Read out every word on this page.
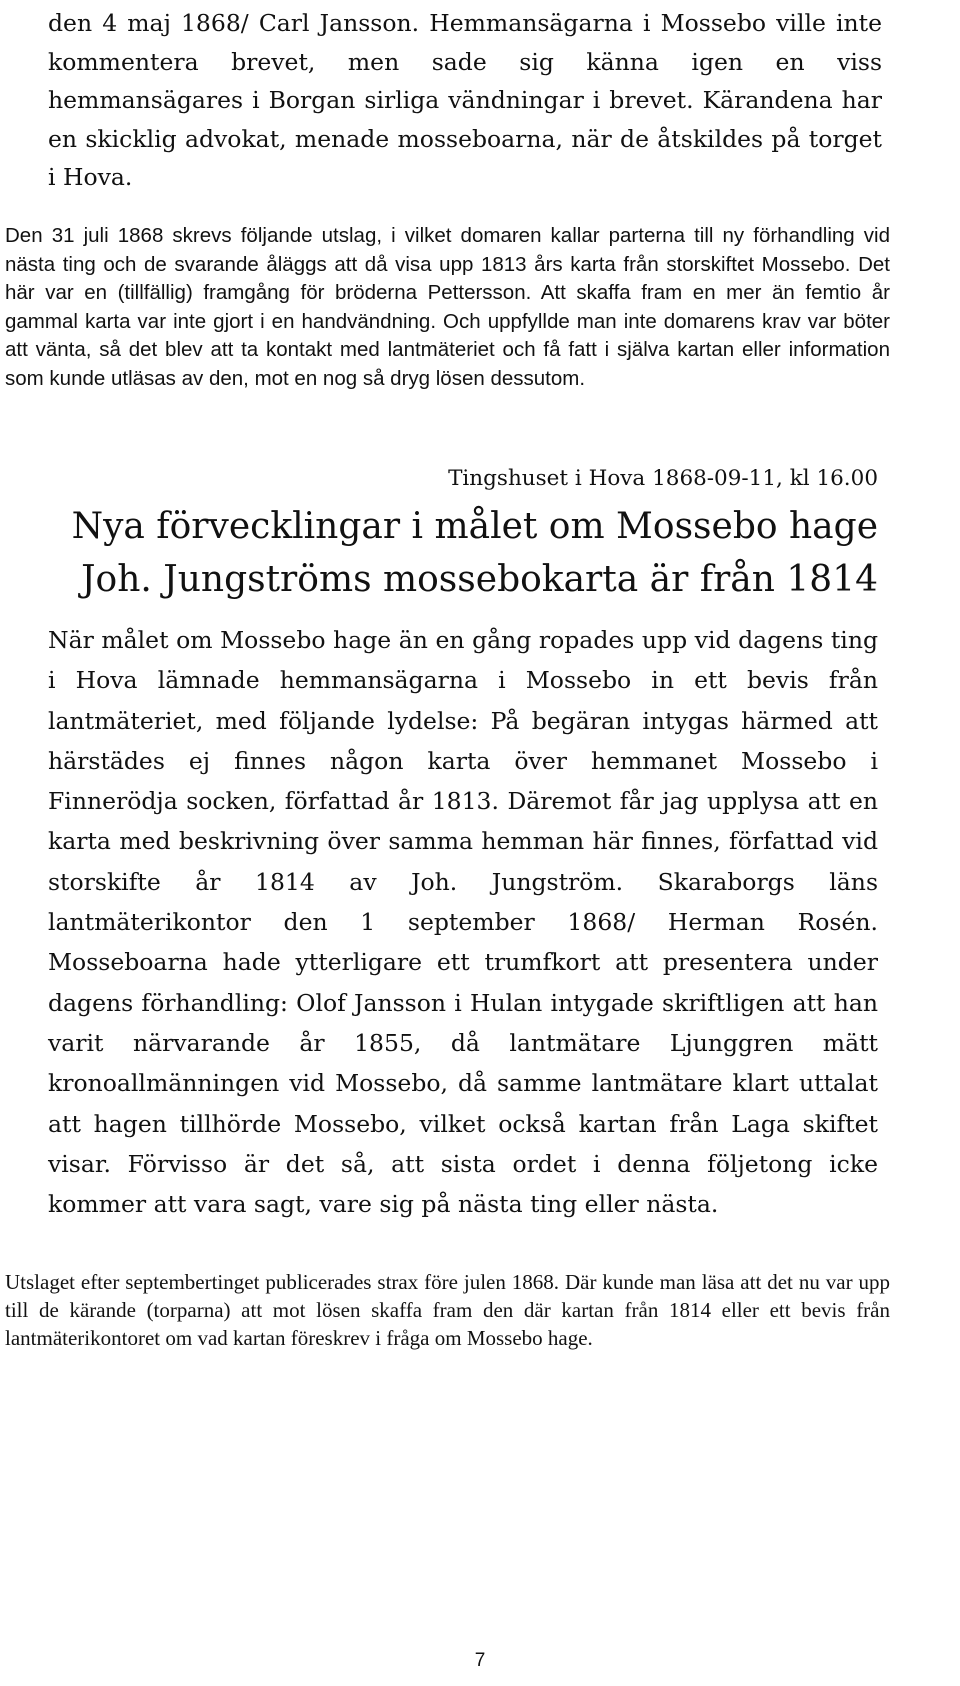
den 4 maj 1868/ Carl Jansson. Hemmansägarna i Mossebo ville inte kommentera brevet, men sade sig känna igen en viss hemmansägares i Borgan sirliga vändningar i brevet. Kärandena har en skicklig advokat, menade mosseboarna, när de åtskildes på torget i Hova.

Den 31 juli 1868 skrevs följande utslag, i vilket domaren kallar parterna till ny förhandling vid nästa ting och de svarande åläggs att då visa upp 1813 års karta från storskiftet Mossebo. Det här var en (tillfällig) framgång för bröderna Pettersson. Att skaffa fram en mer än femtio år gammal karta var inte gjort i en handvändning. Och uppfyllde man inte domarens krav var böter att vänta, så det blev att ta kontakt med lantmäteriet och få fatt i själva kartan eller information som kunde utläsas av den, mot en nog så dryg lösen dessutom.

Tingshuset i Hova 1868-09-11, kl 16.00
Nya förvecklingar i målet om Mossebo hage
Joh. Jungströms mossebokarta är från 1814

När målet om Mossebo hage än en gång ropades upp vid dagens ting i Hova lämnade hemmansägarna i Mossebo in ett bevis från lantmäteriet, med följande lydelse: På begäran intygas härmed att härstädes ej finnes någon karta över hemmanet Mossebo i Finnerödja socken, författad år 1813. Däremot får jag upplysa att en karta med beskrivning över samma hemman här finnes, författad vid storskifte år 1814 av Joh. Jungström. Skaraborgs läns lantmäterikontor den 1 september 1868/ Herman Rosén. Mosseboarna hade ytterligare ett trumfkort att presentera under dagens förhandling: Olof Jansson i Hulan intygade skriftligen att han varit närvarande år 1855, då lantmätare Ljunggren mätt kronoallmänningen vid Mossebo, då samme lantmätare klart uttalat att hagen tillhörde Mossebo, vilket också kartan från Laga skiftet visar. Förvisso är det så, att sista ordet i denna följetong icke kommer att vara sagt, vare sig på nästa ting eller nästa.

Utslaget efter septembertinget publicerades strax före julen 1868. Där kunde man läsa att det nu var upp till de kärande (torparna) att mot lösen skaffa fram den där kartan från 1814 eller ett bevis från lantmäterikontoret om vad kartan föreskrev i fråga om Mossebo hage.

7
